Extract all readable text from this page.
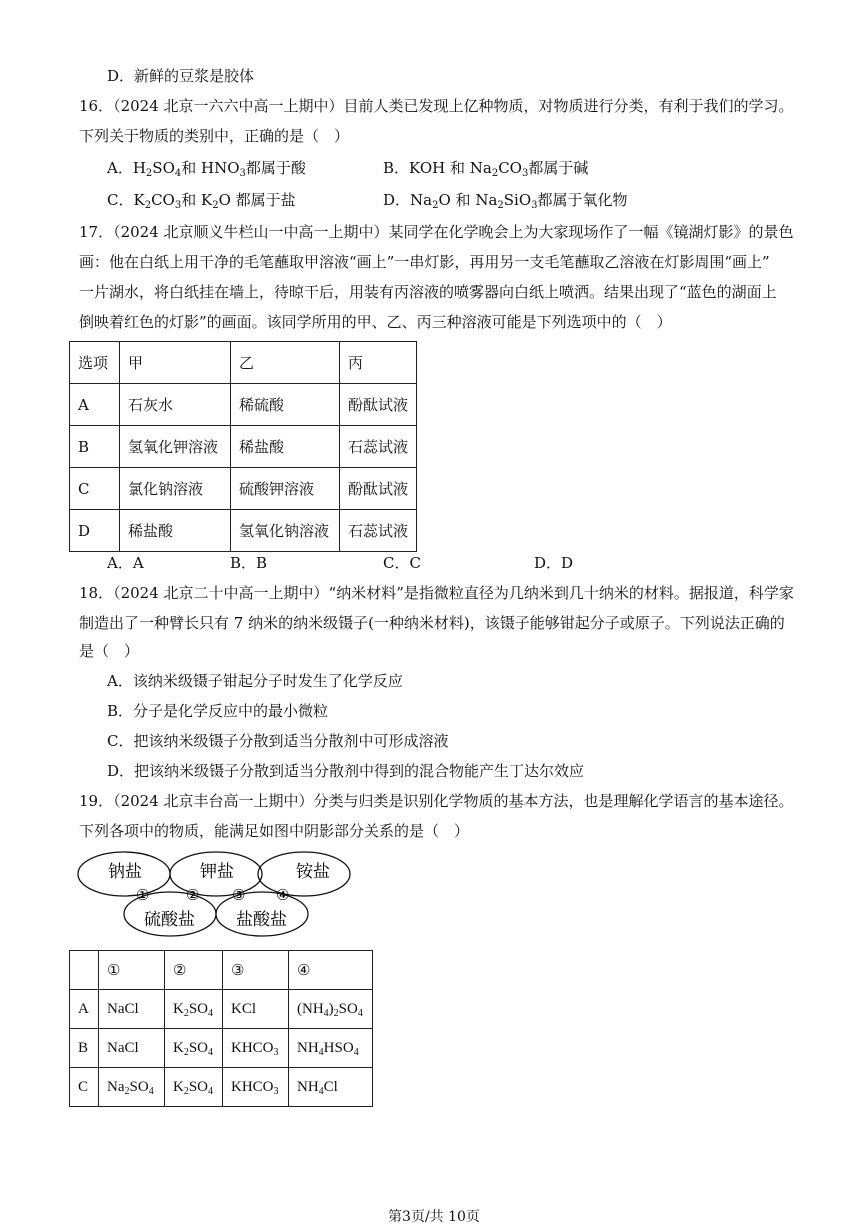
D．新鲜的豆浆是胶体
16．（2024 北京一六六中高一上期中）目前人类已发现上亿种物质，对物质进行分类，有利于我们的学习。
下列关于物质的类别中，正确的是（　）
A．$H_2SO_4$和 $HNO_3$都属于酸	B．KOH 和 $Na_2CO_3$都属于碱
C．$K_2CO_3$和 $K_2O$ 都属于盐	D．$Na_2O$ 和 $Na_2SiO_3$都属于氧化物
17．（2024 北京顺义牛栏山一中高一上期中）某同学在化学晚会上为大家现场作了一幅《镜湖灯影》的景色
画：他在白纸上用干净的毛笔蘸取甲溶液“画上”一串灯影，再用另一支毛笔蘸取乙溶液在灯影周围“画上”
一片湖水，将白纸挂在墙上，待晾干后，用装有丙溶液的喷雾器向白纸上喷洒。结果出现了“蓝色的湖面上
倒映着红色的灯影”的画面。该同学所用的甲、乙、丙三种溶液可能是下列选项中的（　）
选项	甲	乙	丙
A	石灰水	稀硫酸	酚酞试液
B	氢氧化钾溶液	稀盐酸	石蕊试液
C	氯化钠溶液	硫酸钾溶液	酚酞试液
D	稀盐酸	氢氧化钠溶液	石蕊试液
A．A	B．B	C．C	D．D
18．（2024 北京二十中高一上期中）“纳米材料”是指微粒直径为几纳米到几十纳米的材料。据报道，科学家
制造出了一种臂长只有 7 纳米的纳米级镊子(一种纳米材料)，该镊子能够钳起分子或原子。下列说法正确的
是（　）
A．该纳米级镊子钳起分子时发生了化学反应
B．分子是化学反应中的最小微粒
C．把该纳米级镊子分散到适当分散剂中可形成溶液
D．把该纳米级镊子分散到适当分散剂中得到的混合物能产生丁达尔效应
19．（2024 北京丰台高一上期中）分类与归类是识别化学物质的基本方法，也是理解化学语言的基本途径。
下列各项中的物质，能满足如图中阴影部分关系的是（　）
钠盐	钾盐	铵盐
硫酸盐 盐酸盐
① ② ③ ④
	①	②	③	④
A	NaCl	$K_2SO_4$	KCl	$(NH_4)_2SO_4$
B	NaCl	$K_2SO_4$	$KHCO_3$	$NH_4HSO_4$
C	$Na_2SO_4$	$K_2SO_4$	$KHCO_3$	$NH_4Cl$
第3页/共 10页
